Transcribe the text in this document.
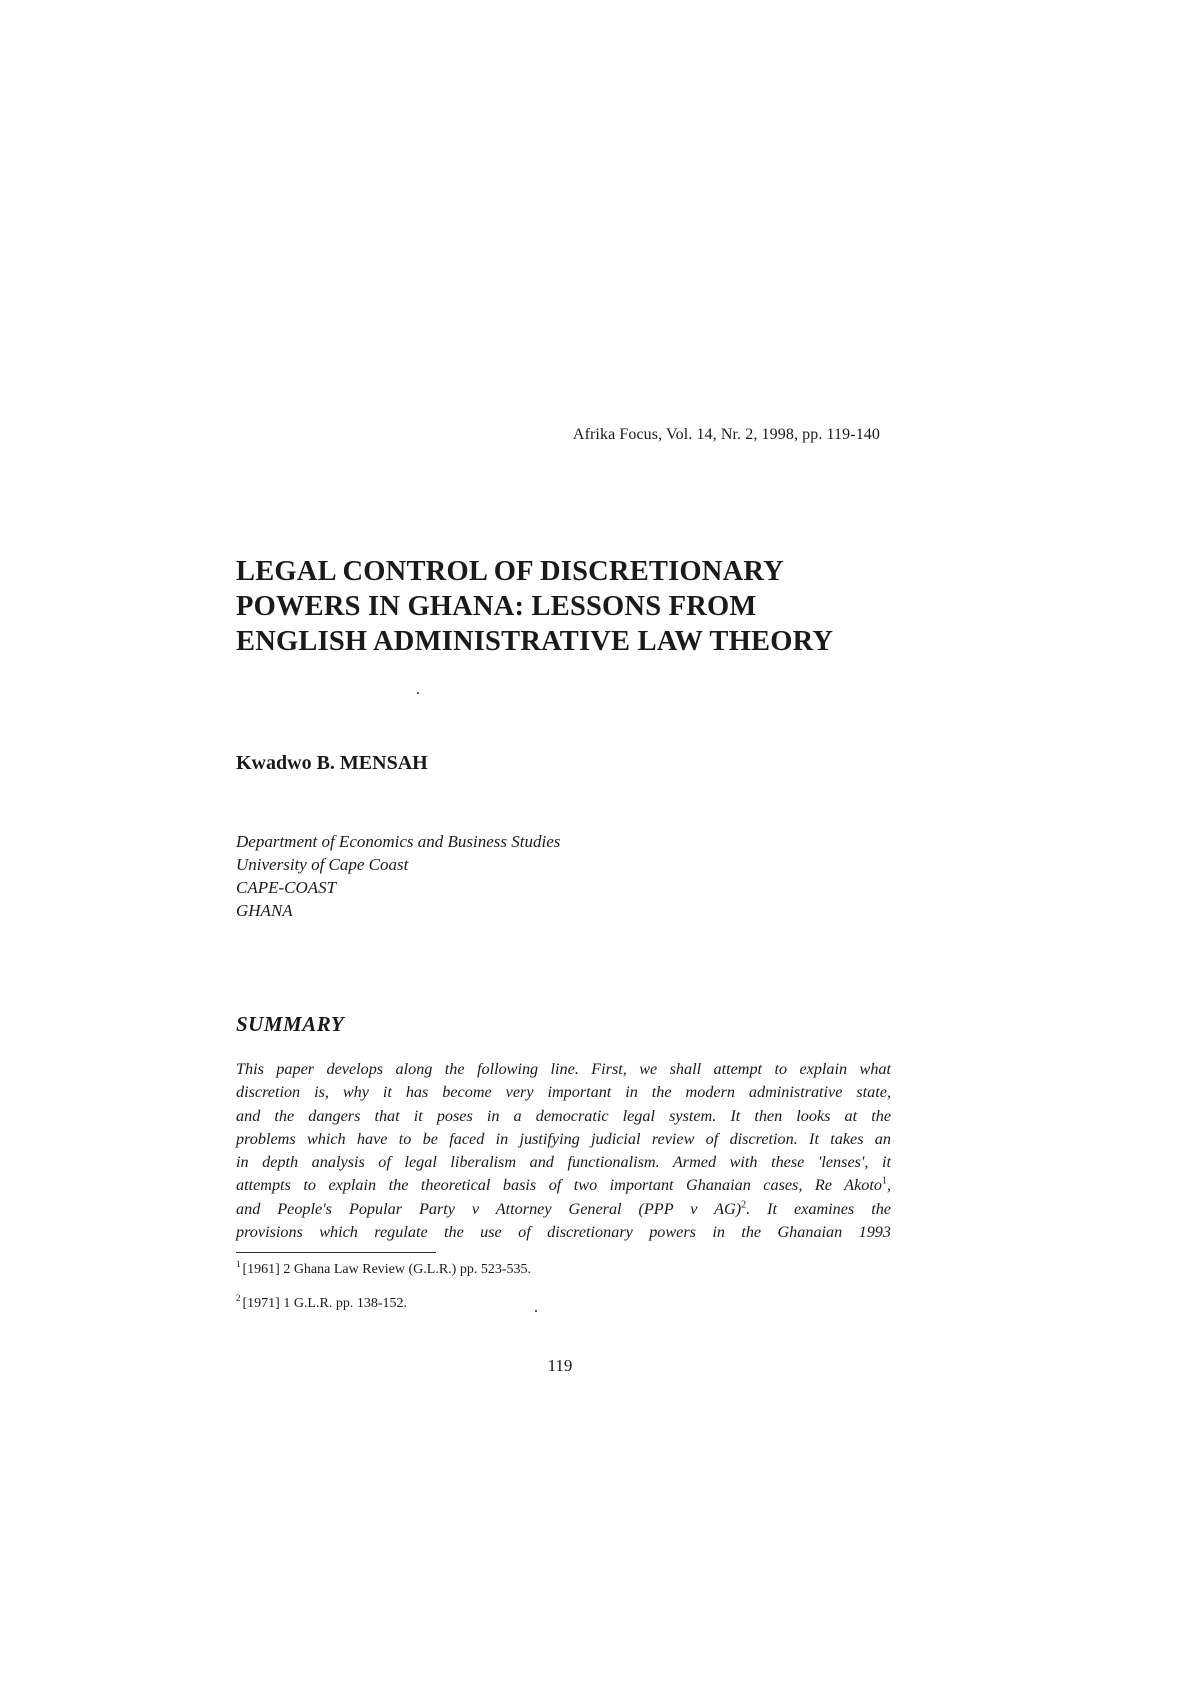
Afrika Focus, Vol. 14, Nr. 2, 1998, pp. 119-140
LEGAL CONTROL OF DISCRETIONARY
POWERS IN GHANA: LESSONS FROM
ENGLISH ADMINISTRATIVE LAW THEORY
Kwadwo B. MENSAH
Department of Economics and Business Studies
University of Cape Coast
CAPE-COAST
GHANA
SUMMARY
This paper develops along the following line. First, we shall attempt to explain what
discretion is, why it has become very important in the modern administrative state,
and the dangers that it poses in a democratic legal system. It then looks at the
problems which have to be faced in justifying judicial review of discretion. It takes an
in depth analysis of legal liberalism and functionalism. Armed with these 'lenses', it
attempts to explain the theoretical basis of two important Ghanaian cases, Re Akoto$^1$,
and People's Popular Party v Attorney General (PPP v AG)$^2$. It examines the
provisions which regulate the use of discretionary powers in the Ghanaian 1993
$^1$ [1961] 2 Ghana Law Review (G.L.R.) pp. 523-535.
$^2$ [1971] 1 G.L.R. pp. 138-152.
119
